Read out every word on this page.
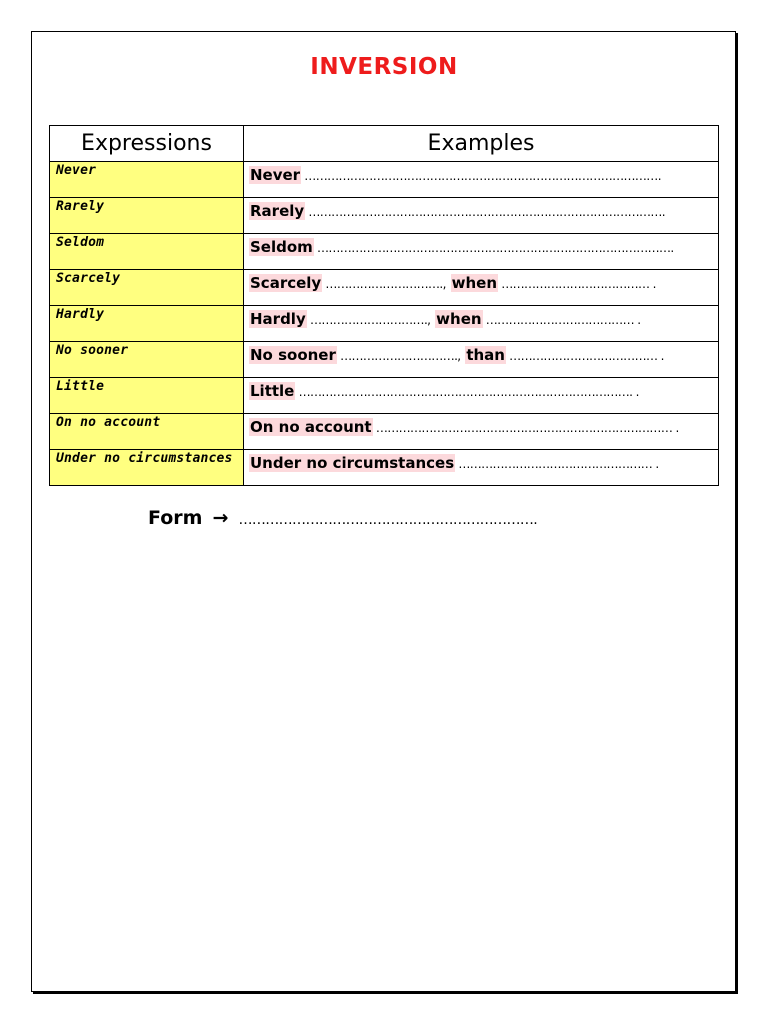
INVERSION
Expressions	Examples
Never	Never ………………………………………………………………………………….
Rarely	Rarely ………………………………………………………………………………….
Seldom	Seldom ………………………………………………………………………………….
Scarcely	Scarcely …………………………., when ………………………………… .
Hardly	Hardly …………………………., when ………………………………… .
No sooner	No sooner …………………………., than ………………………………… .
Little	Little ……………………………………………………………………………. .
On no account	On no account …………………………………………………………………… .
Under no circumstances	Under no circumstances …………………………………………… .
Form → ………………………………………………………….
